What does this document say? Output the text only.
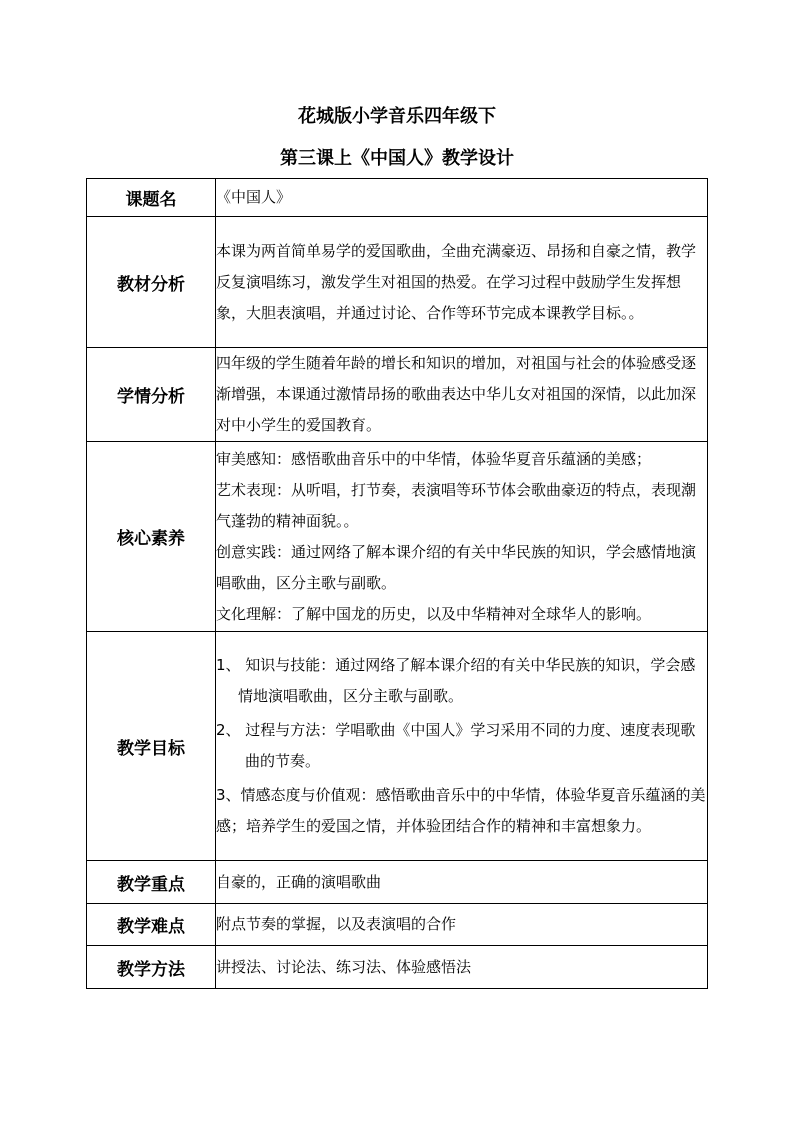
花城版小学音乐四年级下
第三课上《中国人》教学设计
课题名	《中国人》
教材分析	本课为两首简单易学的爱国歌曲，全曲充满豪迈、昂扬和自豪之情，教学反复演唱练习，激发学生对祖国的热爱。在学习过程中鼓励学生发挥想象，大胆表演唱，并通过讨论、合作等环节完成本课教学目标。。

学情分析	四年级的学生随着年龄的增长和知识的增加，对祖国与社会的体验感受逐渐增强，本课通过激情昂扬的歌曲表达中华儿女对祖国的深情，以此加深对中小学生的爱国教育。

核心素养	审美感知：感悟歌曲音乐中的中华情，体验华夏音乐蕴涵的美感；

艺术表现：从听唱，打节奏，表演唱等环节体会歌曲豪迈的特点，表现潮气蓬勃的精神面貌。。

创意实践：通过网络了解本课介绍的有关中华民族的知识，学会感情地演唱歌曲，区分主歌与副歌。

文化理解：了解中国龙的历史，以及中华精神对全球华人的影响。

教学目标	1、 知识与技能：通过网络了解本课介绍的有关中华民族的知识，学会感情地演唱歌曲，区分主歌与副歌。

2、 过程与方法：学唱歌曲《中国人》学习采用不同的力度、速度表现歌曲的节奏。

3、情感态度与价值观：感悟歌曲音乐中的中华情，体验华夏音乐蕴涵的美感；培养学生的爱国之情，并体验团结合作的精神和丰富想象力。

教学重点	自豪的，正确的演唱歌曲
教学难点	附点节奏的掌握，以及表演唱的合作
教学方法	讲授法、讨论法、练习法、体验感悟法
